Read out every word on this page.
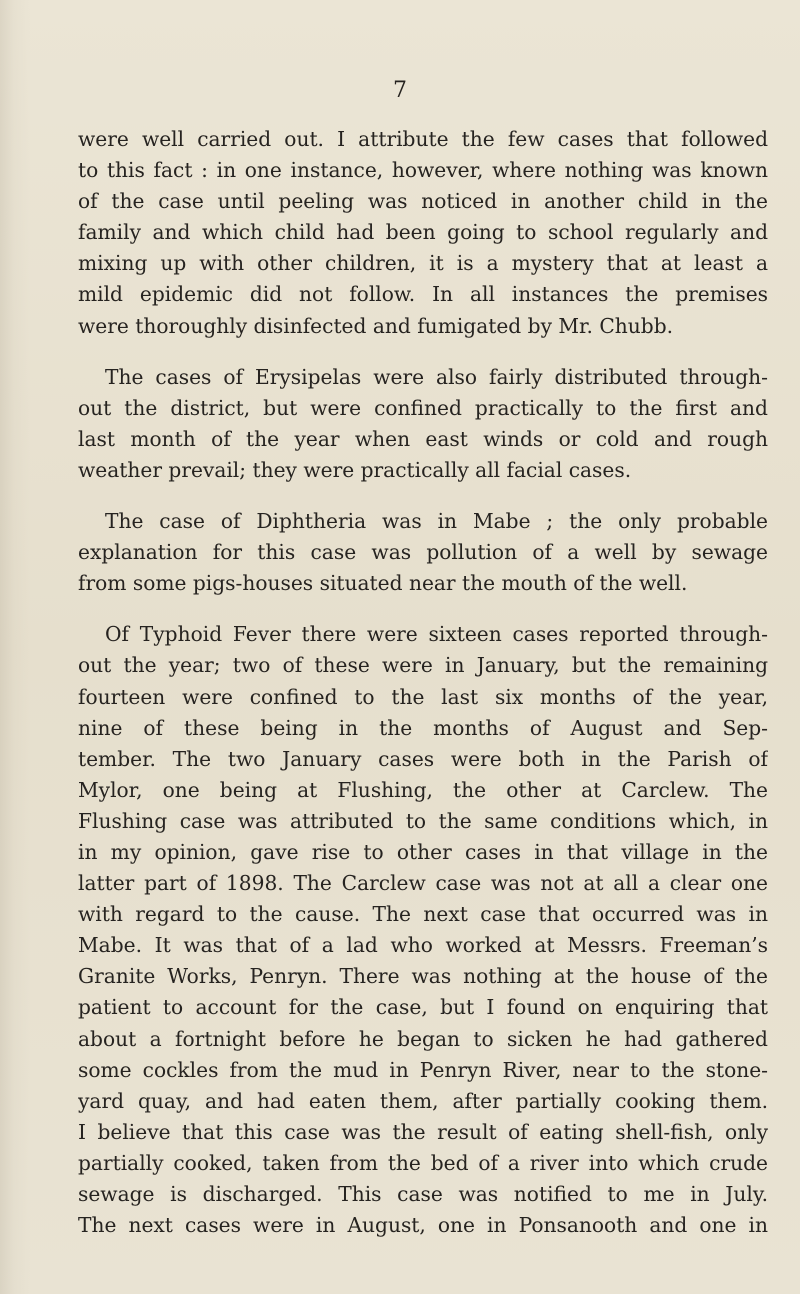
7
were well carried out. I attribute the few cases that followed
to this fact : in one instance, however, where nothing was known
of the case until peeling was noticed in another child in the
family and which child had been going to school regularly and
mixing up with other children, it is a mystery that at least a
mild epidemic did not follow. In all instances the premises
were thoroughly disinfected and fumigated by Mr. Chubb.
The cases of Erysipelas were also fairly distributed through-
out the district, but were confined practically to the first and
last month of the year when east winds or cold and rough
weather prevail; they were practically all facial cases.
The case of Diphtheria was in Mabe ; the only probable
explanation for this case was pollution of a well by sewage
from some pigs-houses situated near the mouth of the well.
Of Typhoid Fever there were sixteen cases reported through-
out the year; two of these were in January, but the remaining
fourteen were confined to the last six months of the year,
nine of these being in the months of August and Sep-
tember. The two January cases were both in the Parish of
Mylor, one being at Flushing, the other at Carclew. The
Flushing case was attributed to the same conditions which, in
in my opinion, gave rise to other cases in that village in the
latter part of 1898. The Carclew case was not at all a clear one
with regard to the cause. The next case that occurred was in
Mabe. It was that of a lad who worked at Messrs. Freeman’s
Granite Works, Penryn. There was nothing at the house of the
patient to account for the case, but I found on enquiring that
about a fortnight before he began to sicken he had gathered
some cockles from the mud in Penryn River, near to the stone-
yard quay, and had eaten them, after partially cooking them.
I believe that this case was the result of eating shell-fish, only
partially cooked, taken from the bed of a river into which crude
sewage is discharged. This case was notified to me in July.
The next cases were in August, one in Ponsanooth and one in
